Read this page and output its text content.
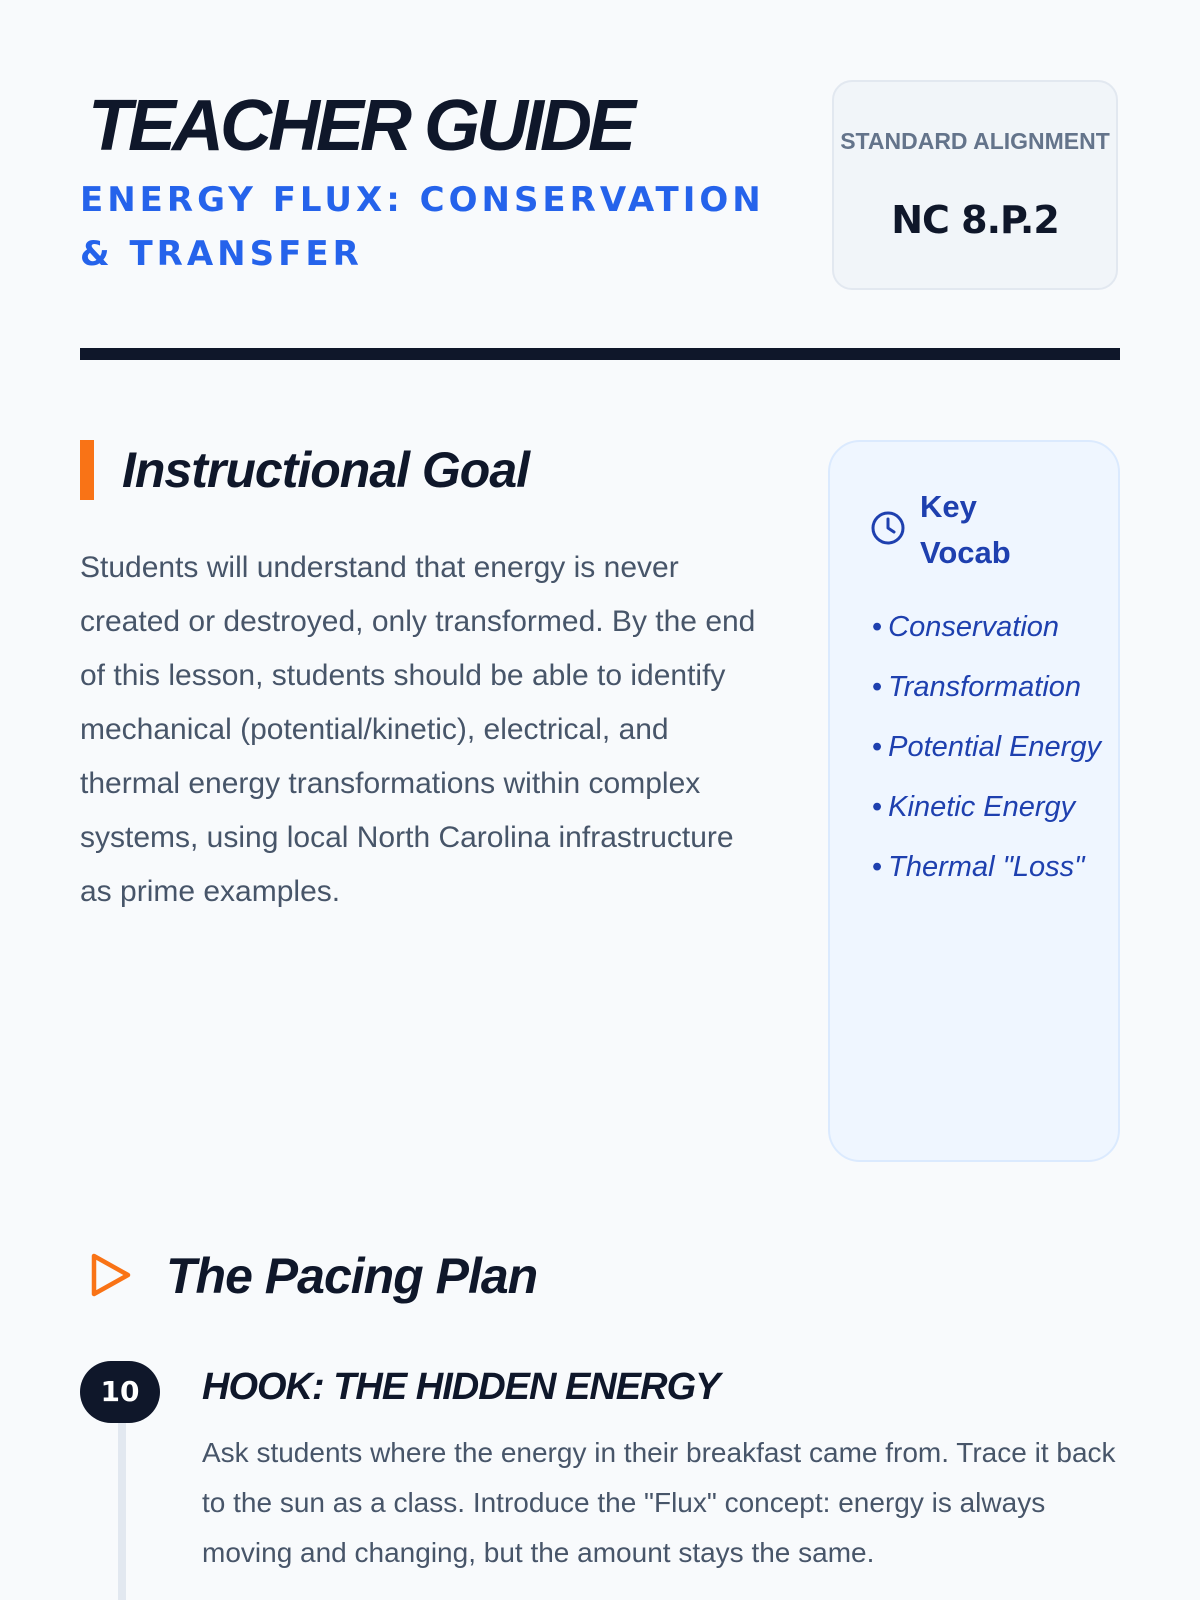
TEACHER GUIDE
ENERGY FLUX: CONSERVATION & TRANSFER
STANDARD ALIGNMENT
NC 8.P.2
Instructional Goal
Students will understand that energy is never created or destroyed, only transformed. By the end of this lesson, students should be able to identify mechanical (potential/kinetic), electrical, and thermal energy transformations within complex systems, using local North Carolina infrastructure as prime examples.
Key Vocab
• Conservation
• Transformation
• Potential Energy
• Kinetic Energy
• Thermal "Loss"
The Pacing Plan
10	HOOK: THE HIDDEN ENERGY
Ask students where the energy in their breakfast came from. Trace it back to the sun as a class. Introduce the "Flux" concept: energy is always moving and changing, but the amount stays the same.
